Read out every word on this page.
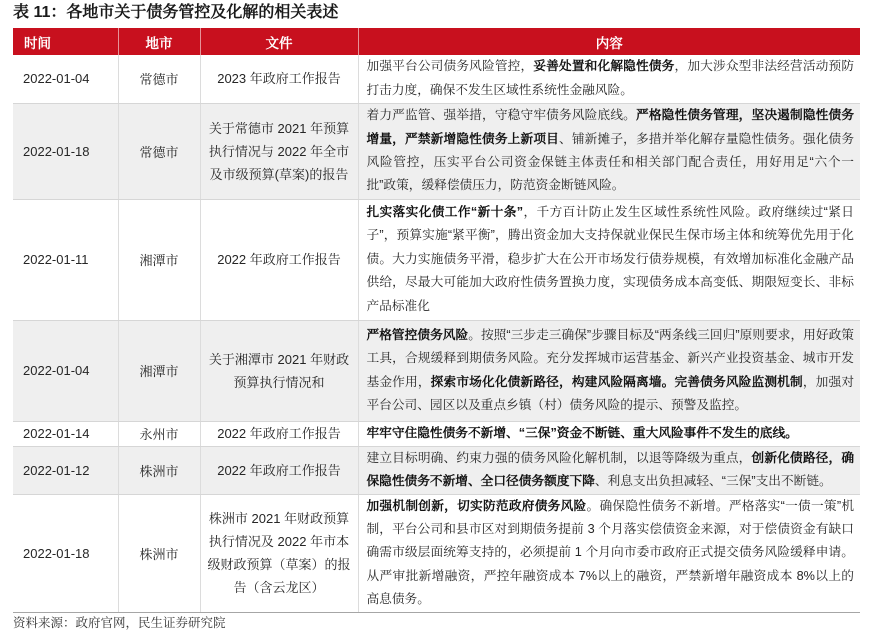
表 11：各地市关于债务管控及化解的相关表述
时间	地市	文件	内容
2022-01-04	常德市	2023 年政府工作报告	加强平台公司债务风险管控，妥善处置和化解隐性债务，加大涉众型非法经营活动预防打击力度，确保不发生区域性系统性金融风险。
2022-01-18	常德市	关于常德市 2021 年预算执行情况与 2022 年全市及市级预算(草案)的报告	着力严监管、强举措，守稳守牢债务风险底线。严格隐性债务管理，坚决遏制隐性债务增量，严禁新增隐性债务上新项目、铺新摊子，多措并举化解存量隐性债务。强化债务风险管控，压实平台公司资金保链主体责任和相关部门配合责任，用好用足“六个一批”政策，缓释偿债压力，防范资金断链风险。
2022-01-11	湘潭市	2022 年政府工作报告	扎实落实化债工作“新十条”，千方百计防止发生区域性系统性风险。政府继续过“紧日子”，预算实施“紧平衡”，腾出资金加大支持保就业保民生保市场主体和统筹优先用于化债。大力实施债务平滑，稳步扩大在公开市场发行债券规模，有效增加标准化金融产品供给，尽最大可能加大政府性债务置换力度，实现债务成本高变低、期限短变长、非标产品标准化
2022-01-04	湘潭市	关于湘潭市 2021 年财政预算执行情况和	严格管控债务风险。按照“三步走三确保”步骤目标及“两条线三回归”原则要求，用好政策工具，合规缓释到期债务风险。充分发挥城市运营基金、新兴产业投资基金、城市开发基金作用，探索市场化化债新路径，构建风险隔离墙。完善债务风险监测机制，加强对平台公司、园区以及重点乡镇（村）债务风险的提示、预警及监控。
2022-01-14	永州市	2022 年政府工作报告	牢牢守住隐性债务不新增、“三保”资金不断链、重大风险事件不发生的底线。
2022-01-12	株洲市	2022 年政府工作报告	建立目标明确、约束力强的债务风险化解机制，以退等降级为重点，创新化债路径，确保隐性债务不新增、全口径债务额度下降、利息支出负担减轻、“三保”支出不断链。
2022-01-18	株洲市	株洲市 2021 年财政预算执行情况及 2022 年市本级财政预算（草案）的报告（含云龙区）	加强机制创新，切实防范政府债务风险。确保隐性债务不新增。严格落实“一债一策”机制，平台公司和县市区对到期债务提前 3 个月落实偿债资金来源，对于偿债资金有缺口确需市级层面统筹支持的，必须提前 1 个月向市委市政府正式提交债务风险缓释申请。从严审批新增融资，严控年融资成本 7%以上的融资，严禁新增年融资成本 8%以上的高息债务。
资料来源：政府官网，民生证券研究院
